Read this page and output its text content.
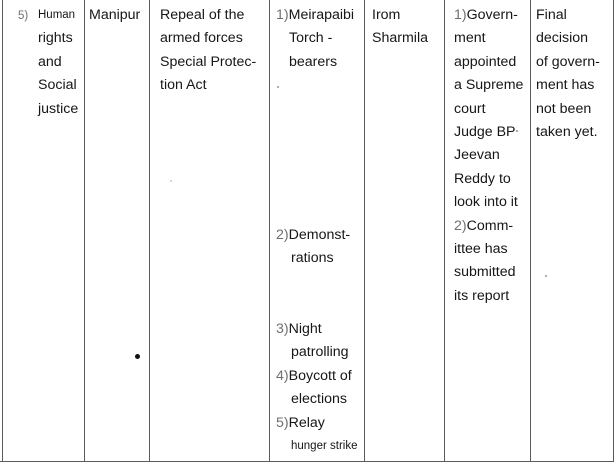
5) Human
rights
and
Social
justice
Manipur Repeal of the
armed forces
Special Protec-
tion Act
1)Meirapaibi
Torch -
bearers
2)Demonst-
rations
3)Night
patrolling
4)Boycott of
elections
5)Relay
hunger strike
Irom
Sharmila
1)Govern-
ment
appointed
a Supreme
court
Judge BP
Jeevan
Reddy to
look into it
2)Comm-
ittee has
submitted
its report
Final
decision
of govern-
ment has
not been
taken yet.
